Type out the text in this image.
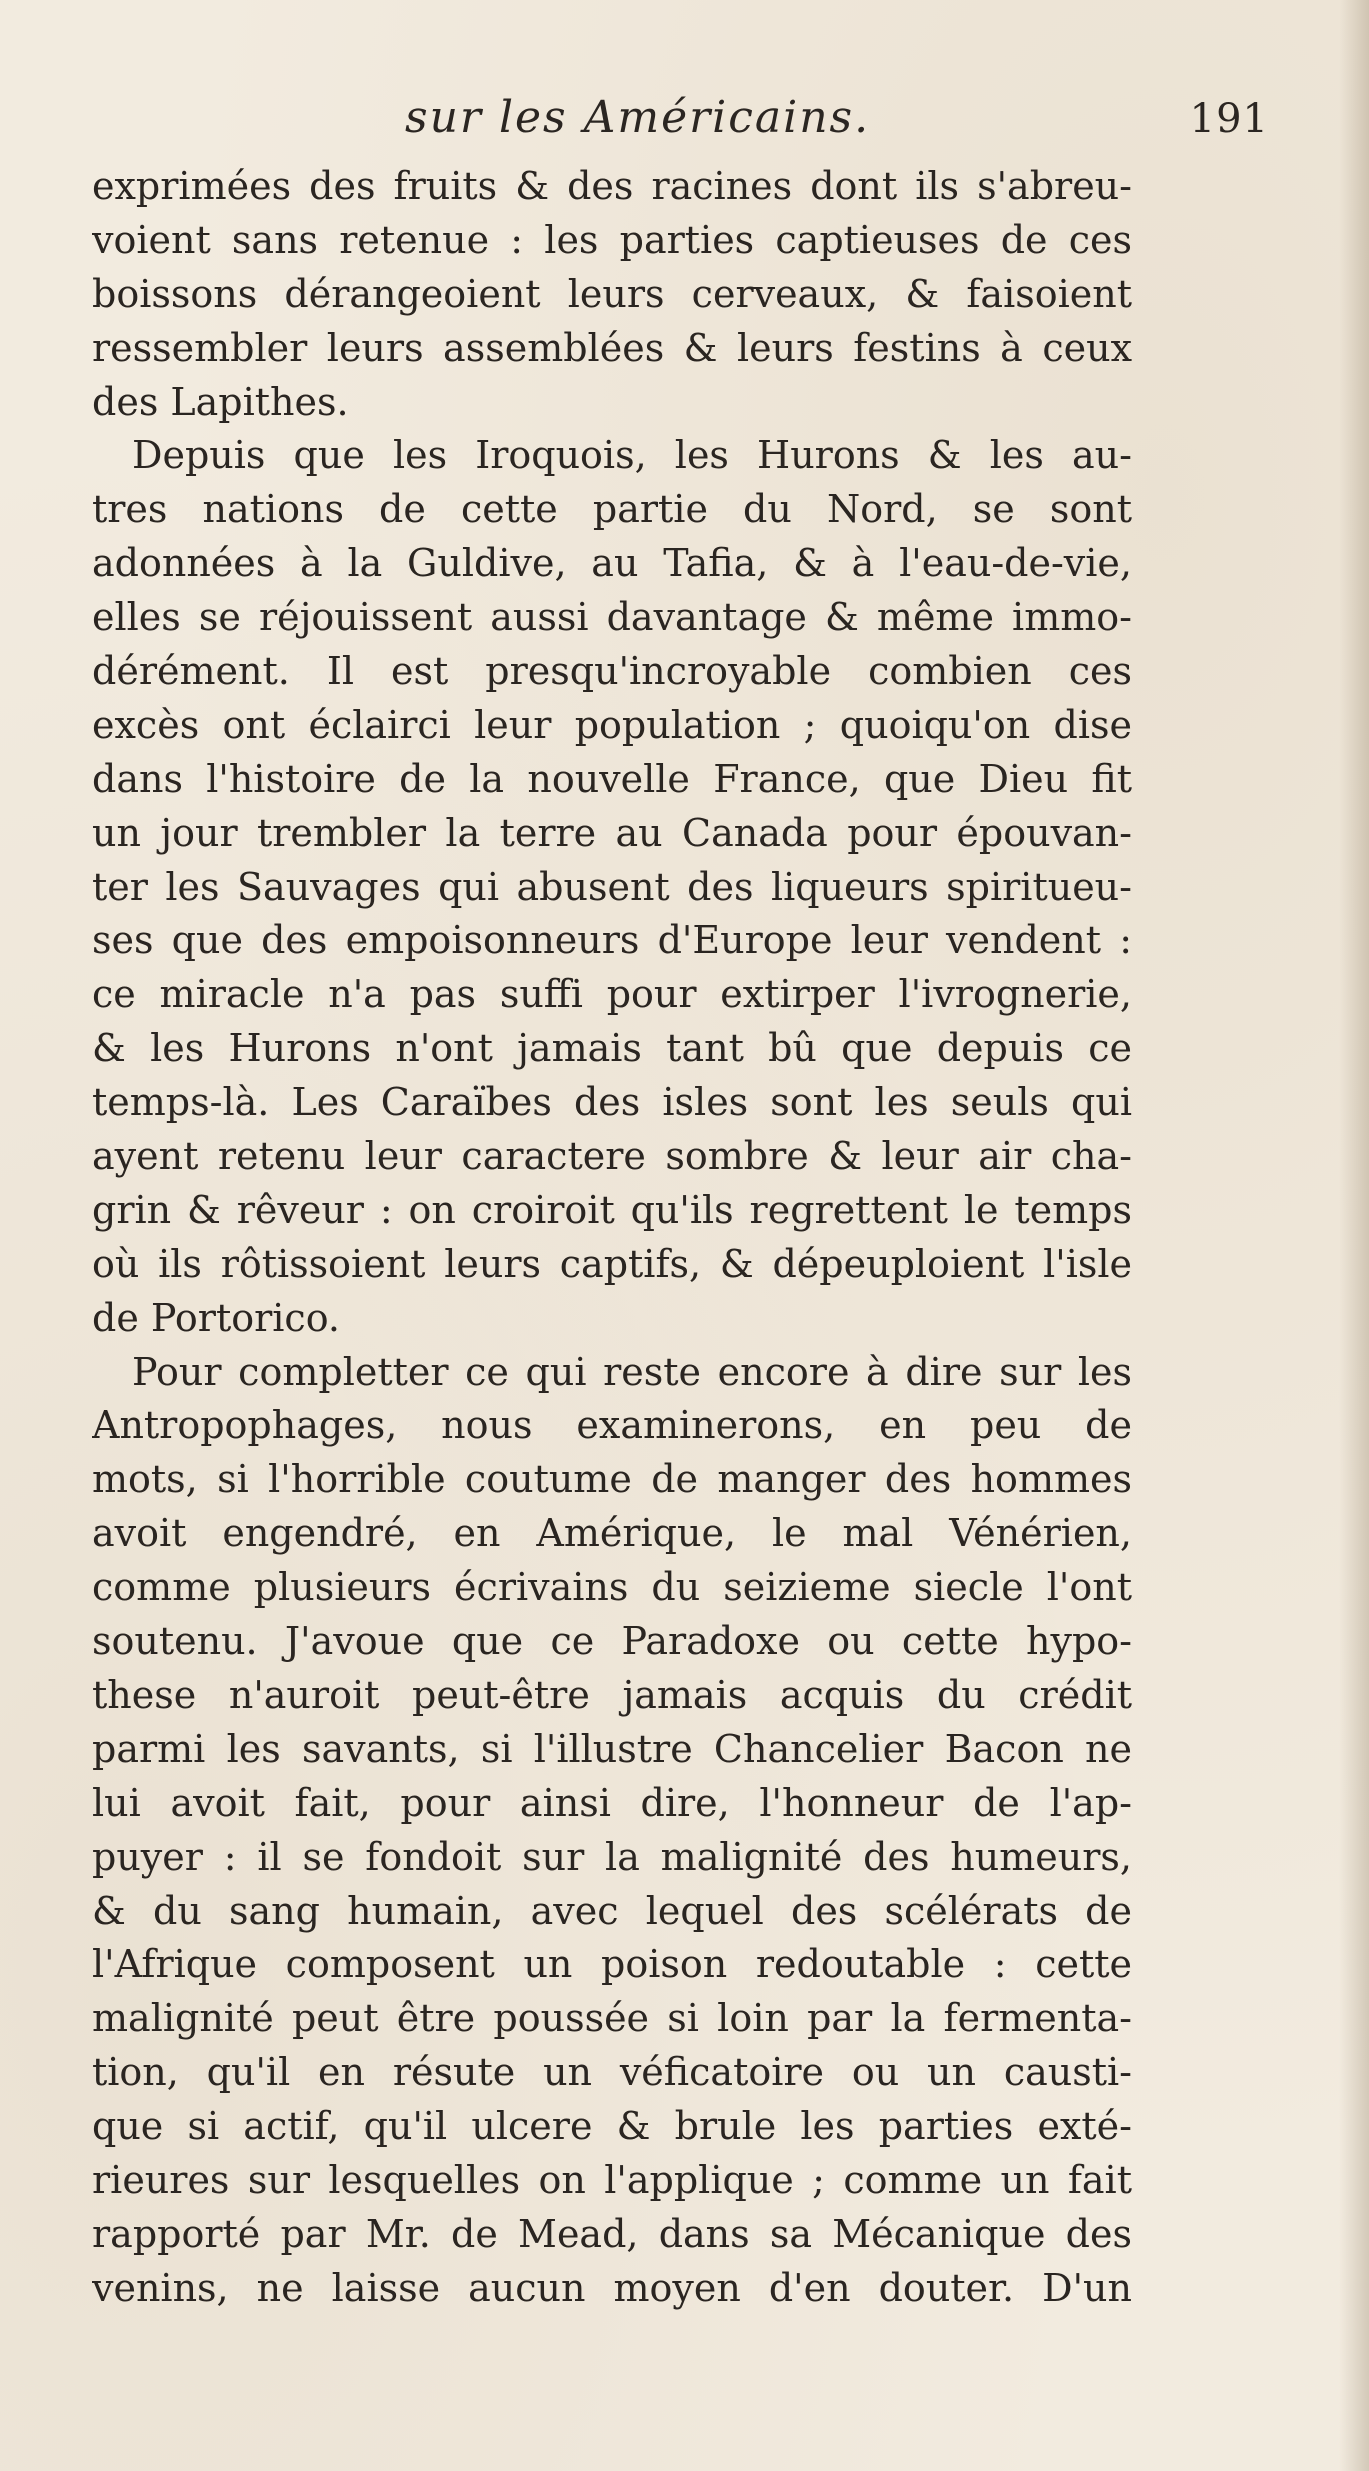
sur les Américains.	191
exprimées des fruits & des racines dont ils s'abreu-
voient sans retenue : les parties captieuses de ces
boissons dérangeoient leurs cerveaux, & faisoient
ressembler leurs assemblées & leurs festins à ceux
des Lapithes.
Depuis que les Iroquois, les Hurons & les au-
tres nations de cette partie du Nord, se sont
adonnées à la Guldive, au Tafia, & à l'eau-de-vie,
elles se réjouissent aussi davantage & même immo-
dérément. Il est presqu'incroyable combien ces
excès ont éclairci leur population ; quoiqu'on dise
dans l'histoire de la nouvelle France, que Dieu fit
un jour trembler la terre au Canada pour épouvan-
ter les Sauvages qui abusent des liqueurs spiritueu-
ses que des empoisonneurs d'Europe leur vendent :
ce miracle n'a pas suffi pour extirper l'ivrognerie,
& les Hurons n'ont jamais tant bû que depuis ce
temps-là. Les Caraïbes des isles sont les seuls qui
ayent retenu leur caractere sombre & leur air cha-
grin & rêveur : on croiroit qu'ils regrettent le temps
où ils rôtissoient leurs captifs, & dépeuploient l'isle
de Portorico.
Pour completter ce qui reste encore à dire sur les
Antropophages, nous examinerons, en peu de
mots, si l'horrible coutume de manger des hommes
avoit engendré, en Amérique, le mal Vénérien,
comme plusieurs écrivains du seizieme siecle l'ont
soutenu. J'avoue que ce Paradoxe ou cette hypo-
these n'auroit peut-être jamais acquis du crédit
parmi les savants, si l'illustre Chancelier Bacon ne
lui avoit fait, pour ainsi dire, l'honneur de l'ap-
puyer : il se fondoit sur la malignité des humeurs,
& du sang humain, avec lequel des scélérats de
l'Afrique composent un poison redoutable : cette
malignité peut être poussée si loin par la fermenta-
tion, qu'il en résute un véficatoire ou un causti-
que si actif, qu'il ulcere & brule les parties exté-
rieures sur lesquelles on l'applique ; comme un fait
rapporté par Mr. de Mead, dans sa Mécanique des
venins, ne laisse aucun moyen d'en douter. D'un
